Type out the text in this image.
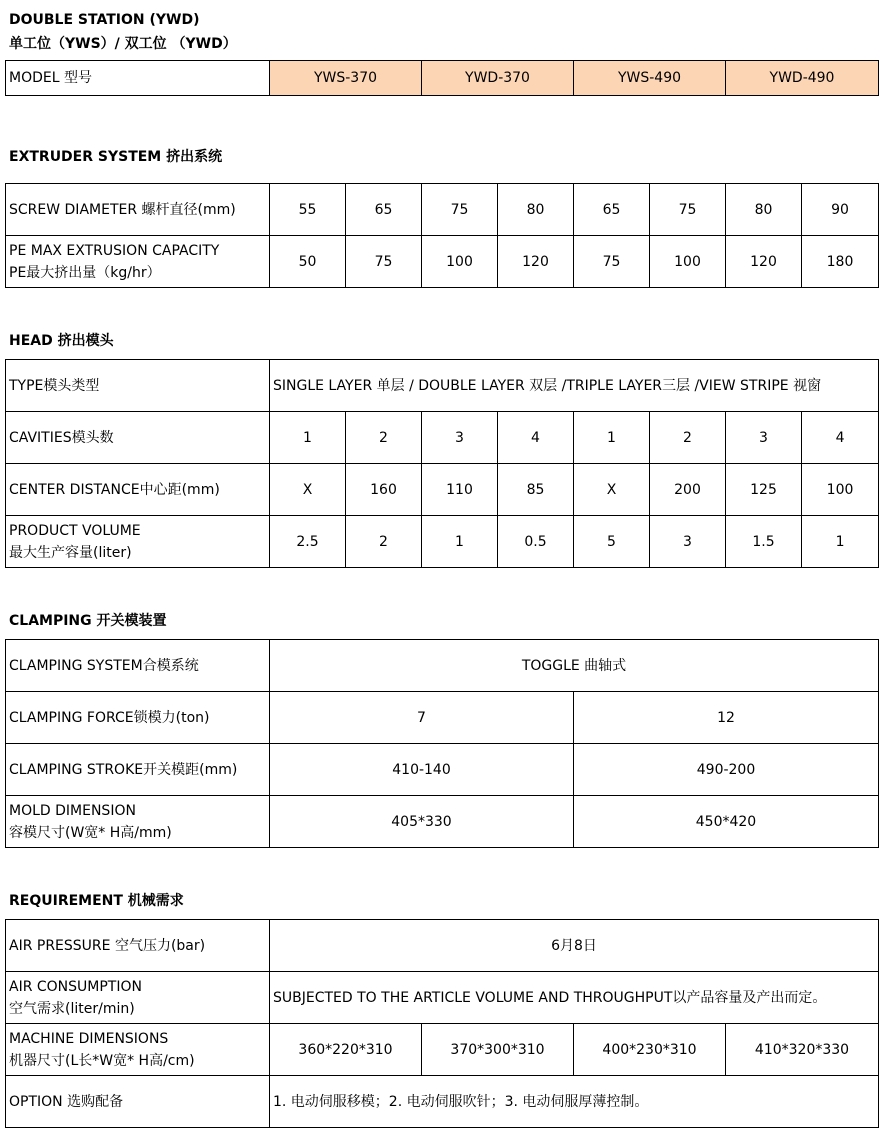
DOUBLE STATION (YWD)
单工位（YWS）/ 双工位 （YWD）
MODEL 型号	YWS-370	YWD-370	YWS-490	YWD-490
EXTRUDER SYSTEM 挤出系统
SCREW DIAMETER 螺杆直径(mm)	55	65	75	80	65	75	80	90

PE MAX EXTRUSION CAPACITY
PE最大挤出量（kg/hr）	50	75	100	120	75	100	120	180
HEAD 挤出模头
TYPE模头类型	SINGLE LAYER 单层 / DOUBLE LAYER 双层 /TRIPLE LAYER三层 /VIEW STRIPE 视窗							
CAVITIES模头数	1	2	3	4	1	2	3	4
CENTER DISTANCE中心距(mm)	X	160	110	85	X	200	125	100

PRODUCT VOLUME
最大生产容量(liter)	2.5	2	1	0.5	5	3	1.5	1
CLAMPING 开关模装置
CLAMPING SYSTEM合模系统	TOGGLE 曲轴式	
CLAMPING FORCE锁模力(ton)	7	12
CLAMPING STROKE开关模距(mm)	410-140	490-200

MOLD DIMENSION
容模尺寸(W宽* H高/mm)	405*330	450*420
REQUIREMENT 机械需求
AIR PRESSURE 空气压力(bar)	6月8日			

AIR CONSUMPTION
空气需求(liter/min)	SUBJECTED TO THE ARTICLE VOLUME AND THROUGHPUT以产品容量及产出而定。			

MACHINE DIMENSIONS
机器尺寸(L长*W宽* H高/cm)	360*220*310	370*300*310	400*230*310	410*320*330
OPTION 选购配备	1. 电动伺服移模；2. 电动伺服吹针；3. 电动伺服厚薄控制。			
